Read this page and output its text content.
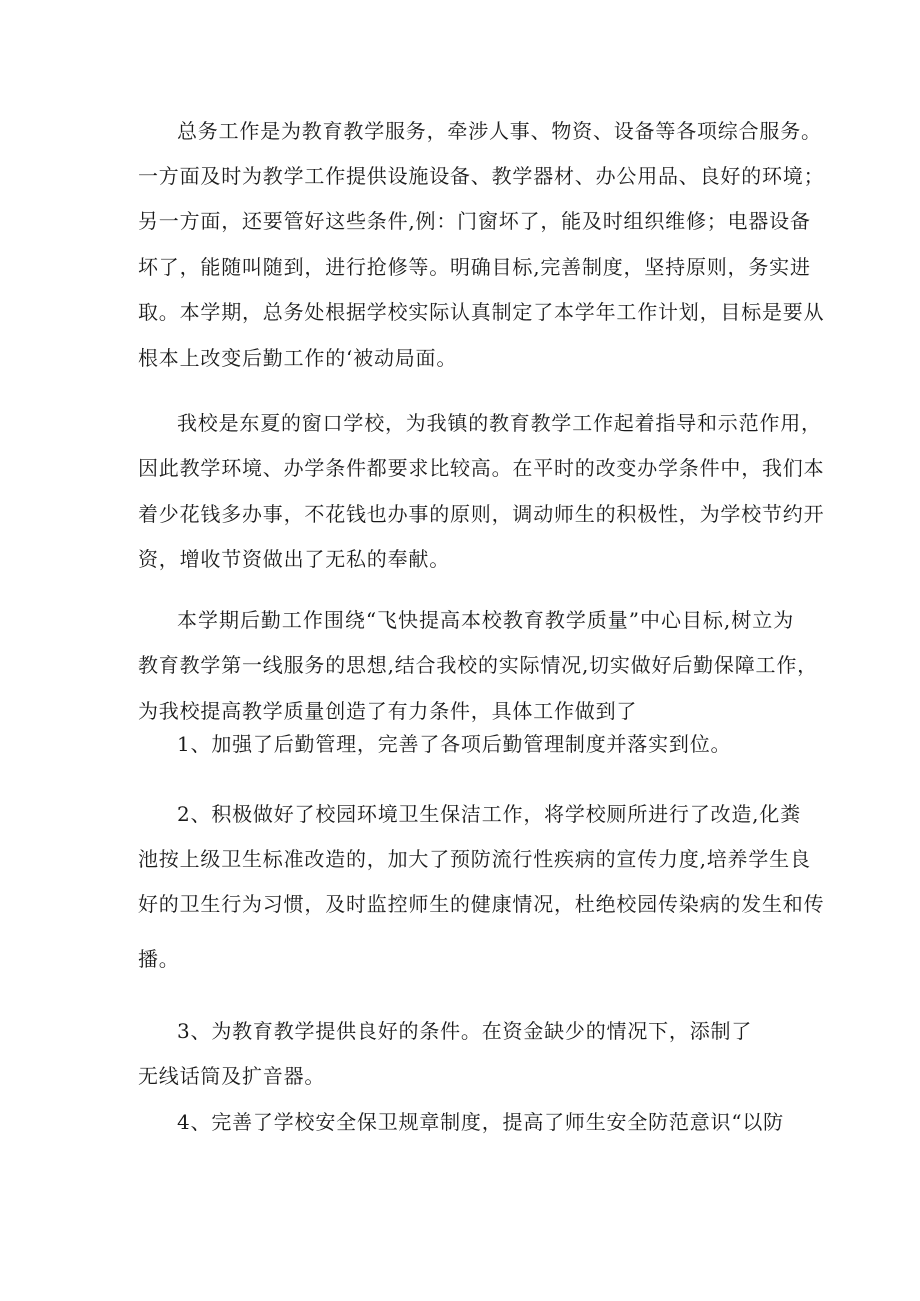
总务工作是为教育教学服务，牵涉人事、物资、设备等各项综合服务。
一方面及时为教学工作提供设施设备、教学器材、办公用品、良好的环境；
另一方面，还要管好这些条件,例：门窗坏了，能及时组织维修；电器设备
坏了，能随叫随到，进行抢修等。明确目标,完善制度，坚持原则，务实进
取。本学期，总务处根据学校实际认真制定了本学年工作计划，目标是要从
根本上改变后勤工作的‘被动局面。
我校是东夏的窗口学校，为我镇的教育教学工作起着指导和示范作用，
因此教学环境、办学条件都要求比较高。在平时的改变办学条件中，我们本
着少花钱多办事，不花钱也办事的原则，调动师生的积极性，为学校节约开
资，增收节资做出了无私的奉献。
本学期后勤工作围绕“飞快提高本校教育教学质量”中心目标,树立为
教育教学第一线服务的思想,结合我校的实际情况,切实做好后勤保障工作，
为我校提高教学质量创造了有力条件，具体工作做到了
1、加强了后勤管理，完善了各项后勤管理制度并落实到位。
2、积极做好了校园环境卫生保洁工作，将学校厕所进行了改造,化粪
池按上级卫生标准改造的，加大了预防流行性疾病的宣传力度,培养学生良
好的卫生行为习惯，及时监控师生的健康情况，杜绝校园传染病的发生和传
播。
3、为教育教学提供良好的条件。在资金缺少的情况下，添制了
无线话筒及扩音器。
4、完善了学校安全保卫规章制度，提高了师生安全防范意识“以防
